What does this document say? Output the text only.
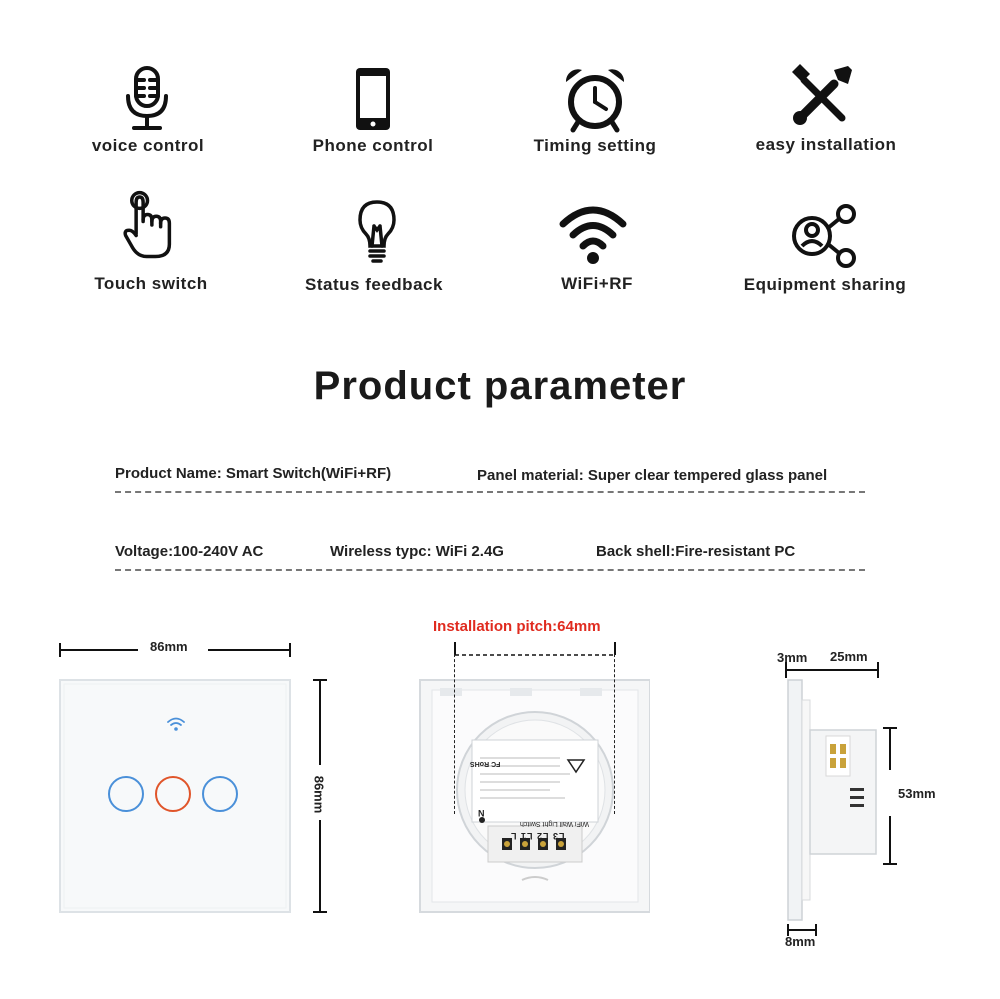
voice control	Phone control	Timing setting	easy installation
Touch switch	Status feedback	WiFi+RF	Equipment sharing
Product parameter
Product Name: Smart Switch(WiFi+RF)	Panel material: Super clear tempered glass panel
Voltage:100-240V AC	Wireless typc: WiFi 2.4G	Back shell:Fire-resistant PC
86mm
86mm
Installation pitch:64mm
FC RoHS
WiFi Wall Light Switch
L3 L2 L1 L
N
3mm 25mm
53mm
8mm
